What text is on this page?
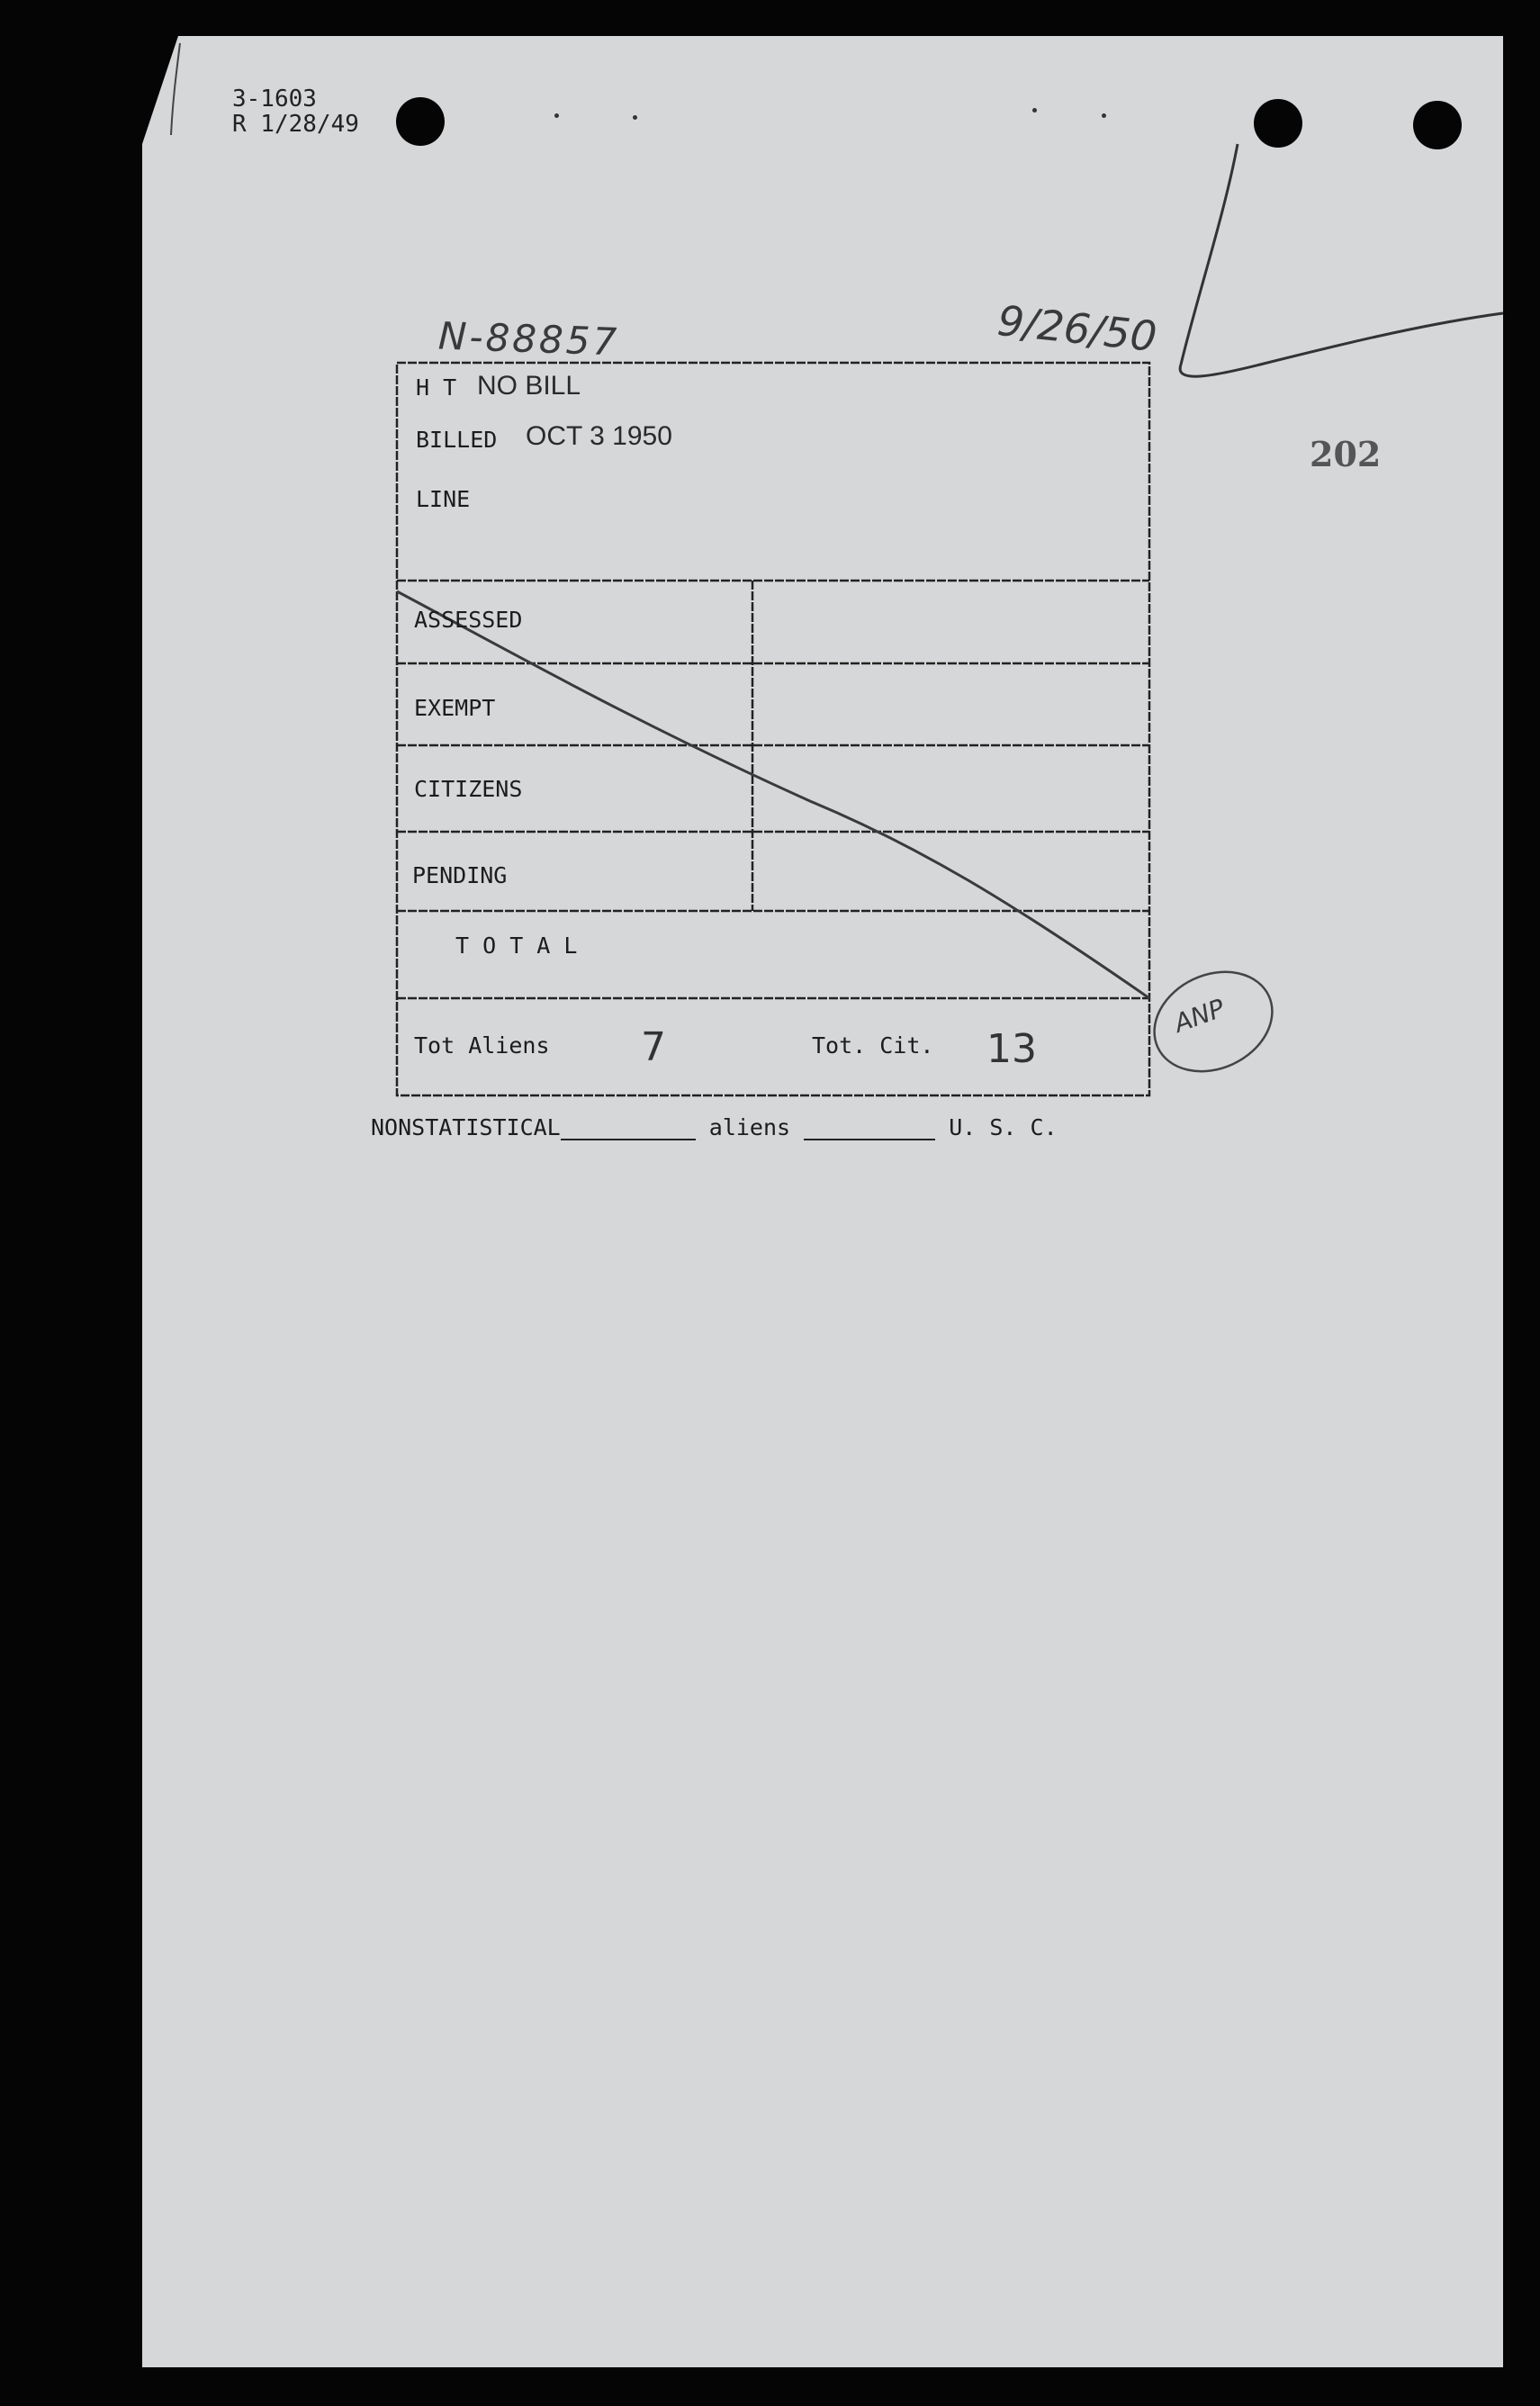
3-1603
R 1/28/49
N-88857	9/26/50
202
H T NO BILL
BILLED OCT 3 1950
LINE
ASSESSED
EXEMPT
CITIZENS
PENDING
T O T A L
Tot Aliens 7	Tot. Cit. 13
ANP
NONSTATISTICAL	aliens	U. S. C.
